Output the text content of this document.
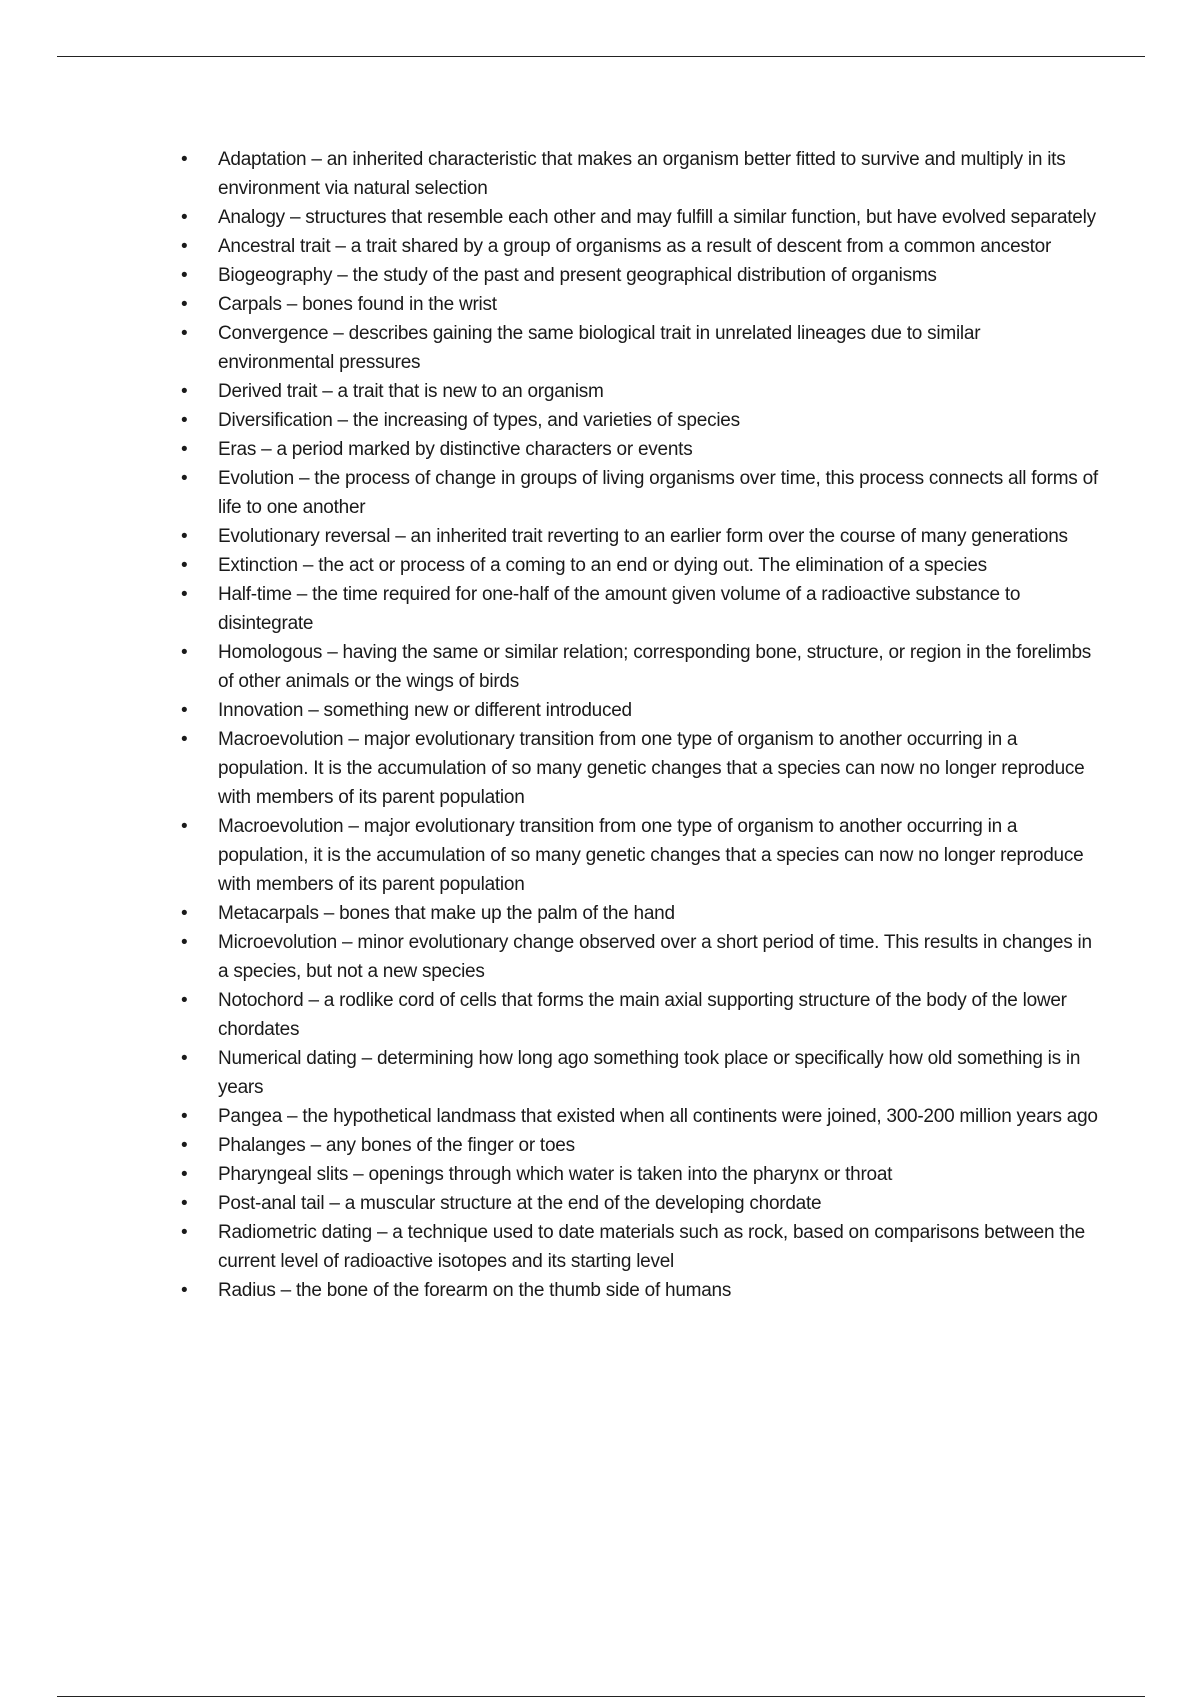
• Adaptation – an inherited characteristic that makes an organism better fitted to survive and multiply in its environment via natural selection
• Analogy – structures that resemble each other and may fulfill a similar function, but have evolved separately
• Ancestral trait – a trait shared by a group of organisms as a result of descent from a common ancestor
• Biogeography – the study of the past and present geographical distribution of organisms
• Carpals – bones found in the wrist
• Convergence – describes gaining the same biological trait in unrelated lineages due to similar environmental pressures
• Derived trait – a trait that is new to an organism
• Diversification – the increasing of types, and varieties of species
• Eras – a period marked by distinctive characters or events
• Evolution – the process of change in groups of living organisms over time, this process connects all forms of life to one another
• Evolutionary reversal – an inherited trait reverting to an earlier form over the course of many generations
• Extinction – the act or process of a coming to an end or dying out. The elimination of a species
• Half-time – the time required for one-half of the amount given volume of a radioactive substance to disintegrate
• Homologous – having the same or similar relation; corresponding bone, structure, or region in the forelimbs of other animals or the wings of birds
• Innovation – something new or different introduced
• Macroevolution – major evolutionary transition from one type of organism to another occurring in a population. It is the accumulation of so many genetic changes that a species can now no longer reproduce with members of its parent population
• Macroevolution – major evolutionary transition from one type of organism to another occurring in a population, it is the accumulation of so many genetic changes that a species can now no longer reproduce with members of its parent population
• Metacarpals – bones that make up the palm of the hand
• Microevolution – minor evolutionary change observed over a short period of time. This results in changes in a species, but not a new species
• Notochord – a rodlike cord of cells that forms the main axial supporting structure of the body of the lower chordates
• Numerical dating – determining how long ago something took place or specifically how old something is in years
• Pangea – the hypothetical landmass that existed when all continents were joined, 300-200 million years ago
• Phalanges – any bones of the finger or toes
• Pharyngeal slits – openings through which water is taken into the pharynx or throat
• Post-anal tail – a muscular structure at the end of the developing chordate
• Radiometric dating – a technique used to date materials such as rock, based on comparisons between the current level of radioactive isotopes and its starting level
• Radius – the bone of the forearm on the thumb side of humans
